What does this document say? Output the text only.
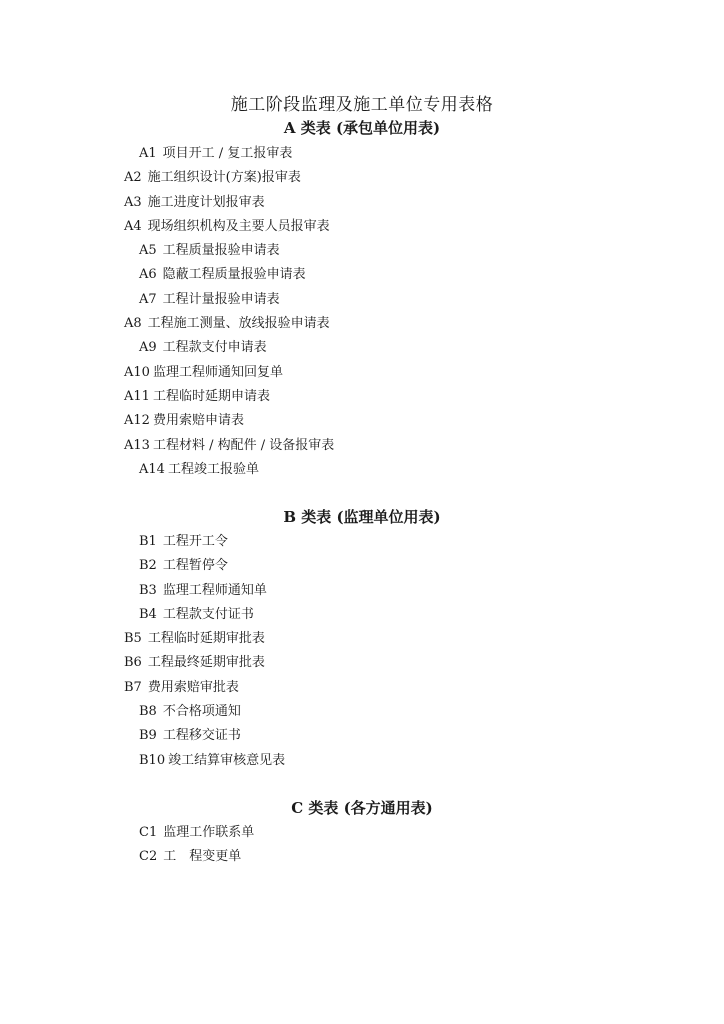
施工阶段监理及施工单位专用表格
A 类表 (承包单位用表)
A1 项目开工 / 复工报审表
A2 施工组织设计(方案)报审表
A3 施工进度计划报审表
A4 现场组织机构及主要人员报审表
A5 工程质量报验申请表
A6 隐蔽工程质量报验申请表
A7 工程计量报验申请表
A8 工程施工测量、放线报验申请表
A9 工程款支付申请表
A10 监理工程师通知回复单
A11 工程临时延期申请表
A12 费用索赔申请表
A13 工程材料 / 构配件 / 设备报审表
A14 工程竣工报验单
B 类表 (监理单位用表)
B1 工程开工令
B2 工程暂停令
B3 监理工程师通知单
B4 工程款支付证书
B5 工程临时延期审批表
B6 工程最终延期审批表
B7 费用索赔审批表
B8 不合格项通知
B9 工程移交证书
B10 竣工结算审核意见表
C 类表 (各方通用表)
C1 监理工作联系单
C2 工　程变更单
